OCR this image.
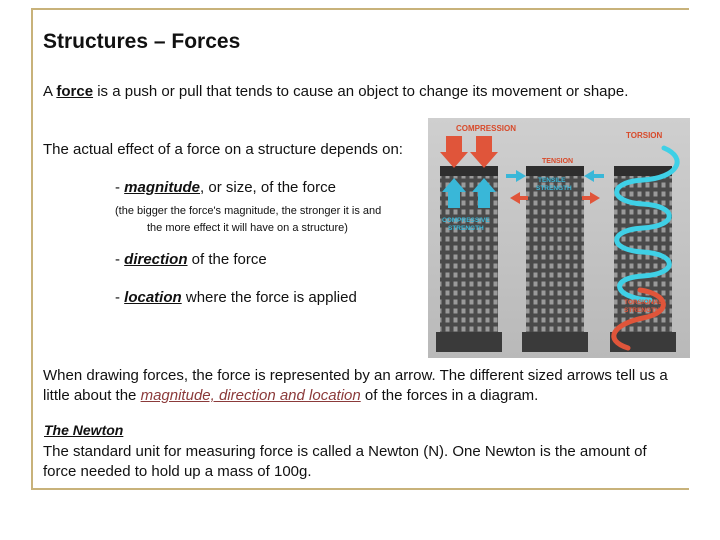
Structures – Forces
A force is a push or pull that tends to cause an object to change its movement or shape.
The actual effect of a force on a structure depends on:
- magnitude, or size, of the force
(the bigger the force's magnitude, the stronger it is and
the more effect it will have on a structure)
- direction of the force
- location where the force is applied
COMPRESSION
TENSION
TORSION
TENSILE
STRENGTH
COMPRESSIVE
STRENGTH
TORSIONAL
STRENGTH
When drawing forces, the force is represented by an arrow. The different sized arrows tell us a little about the magnitude, direction and location of the forces in a diagram.
The Newton
The standard unit for measuring force is called a Newton (N). One Newton is the amount of force needed to hold up a mass of 100g.
